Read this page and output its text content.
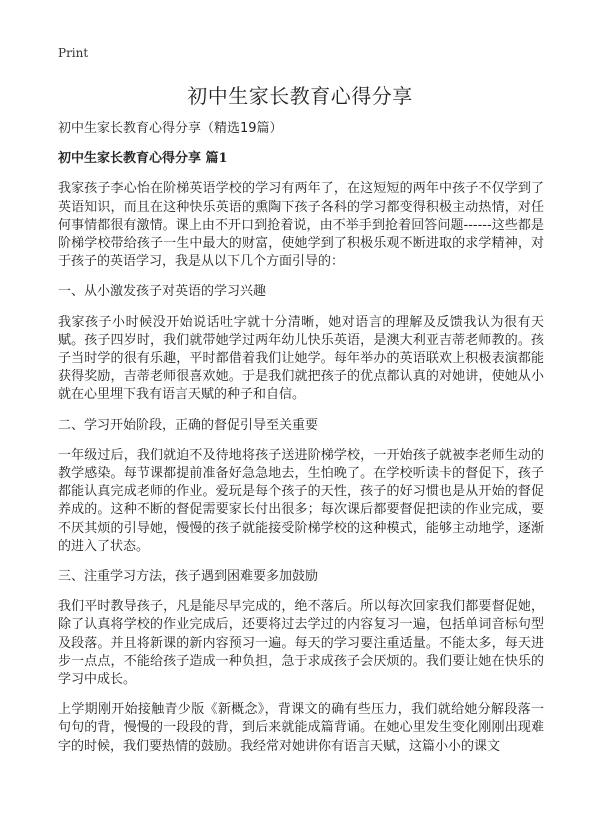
Print
初中生家长教育心得分享

初中生家长教育心得分享（精选19篇）

初中生家长教育心得分享 篇1

我家孩子李心怡在阶梯英语学校的学习有两年了，在这短短的两年中孩子不仅学到了英语知识，而且在这种快乐英语的熏陶下孩子各科的学习都变得积极主动热情，对任何事情都很有激情。课上由不开口到抢着说，由不举手到抢着回答问题------这些都是阶梯学校带给孩子一生中最大的财富，使她学到了积极乐观不断进取的求学精神，对于孩子的英语学习，我是从以下几个方面引导的：

一、从小激发孩子对英语的学习兴趣

我家孩子小时候没开始说话吐字就十分清晰，她对语言的理解及反馈我认为很有天赋。孩子四岁时，我们就带她学过两年幼儿快乐英语，是澳大利亚吉蒂老师教的。孩子当时学的很有乐趣，平时都借着我们让她学。每年举办的英语联欢上积极表演都能获得奖励，吉蒂老师很喜欢她。于是我们就把孩子的优点都认真的对她讲，使她从小就在心里埋下我有语言天赋的种子和自信。

二、学习开始阶段，正确的督促引导至关重要

一年级过后，我们就迫不及待地将孩子送进阶梯学校，一开始孩子就被李老师生动的教学感染。每节课都提前准备好急急地去，生怕晚了。在学校听读卡的督促下，孩子都能认真完成老师的作业。爱玩是每个孩子的天性，孩子的好习惯也是从开始的督促养成的。这种不断的督促需要家长付出很多；每次课后都要督促把读的作业完成，要不厌其烦的引导她，慢慢的孩子就能接受阶梯学校的这种模式，能够主动地学，逐渐的进入了状态。

三、注重学习方法，孩子遇到困难要多加鼓励

我们平时教导孩子，凡是能尽早完成的，绝不落后。所以每次回家我们都要督促她，除了认真将学校的作业完成后，还要将过去学过的内容复习一遍，包括单词音标句型及段落。并且将新课的新内容预习一遍。每天的学习要注重适量。不能太多，每天进步一点点，不能给孩子造成一种负担，急于求成孩子会厌烦的。我们要让她在快乐的学习中成长。

上学期刚开始接触青少版《新概念》，背课文的确有些压力，我们就给她分解段落一句句的背，慢慢的一段段的背，到后来就能成篇背诵。在她心里发生变化刚刚出现难字的时候，我们要热情的鼓励。我经常对她讲你有语言天赋，这篇小小的课文
